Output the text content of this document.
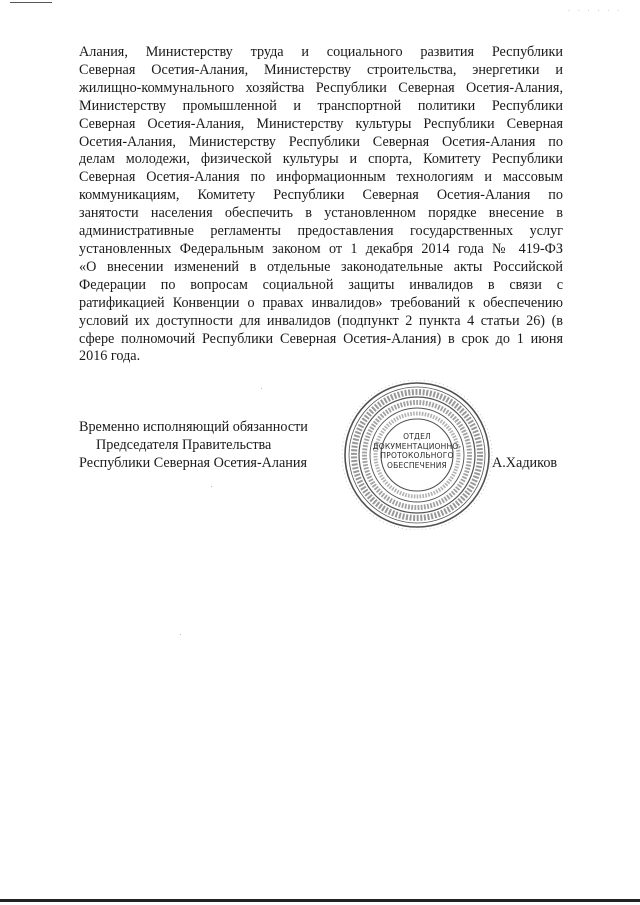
· · · · · ·
Алания, Министерству труда и социального развития Республики
Северная Осетия-Алания, Министерству строительства, энергетики и
жилищно-коммунального хозяйства Республики Северная Осетия-Алания,
Министерству промышленной и транспортной политики Республики
Северная Осетия-Алания, Министерству культуры Республики Северная
Осетия-Алания, Министерству Республики Северная Осетия-Алания по
делам молодежи, физической культуры и спорта, Комитету Республики
Северная Осетия-Алания по информационным технологиям и массовым
коммуникациям, Комитету Республики Северная Осетия-Алания по
занятости населения обеспечить в установленном порядке внесение в
административные регламенты предоставления государственных услуг
установленных Федеральным законом от 1 декабря 2014 года № 419-ФЗ
«О внесении изменений в отдельные законодательные акты Российской
Федерации по вопросам социальной защиты инвалидов в связи с
ратификацией Конвенции о правах инвалидов» требований к обеспечению
условий их доступности для инвалидов (подпункт 2 пункта 4 статьи 26) (в
сфере полномочий Республики Северная Осетия-Алания) в срок до 1 июня
2016 года.
Временно исполняющий обязанности
Председателя Правительства
Республики Северная Осетия-Алания
ОТДЕЛ
ДОКУМЕНТАЦИОННО-
ПРОТОКОЛЬНОГО
ОБЕСПЕЧЕНИЯ	А.Хадиков
